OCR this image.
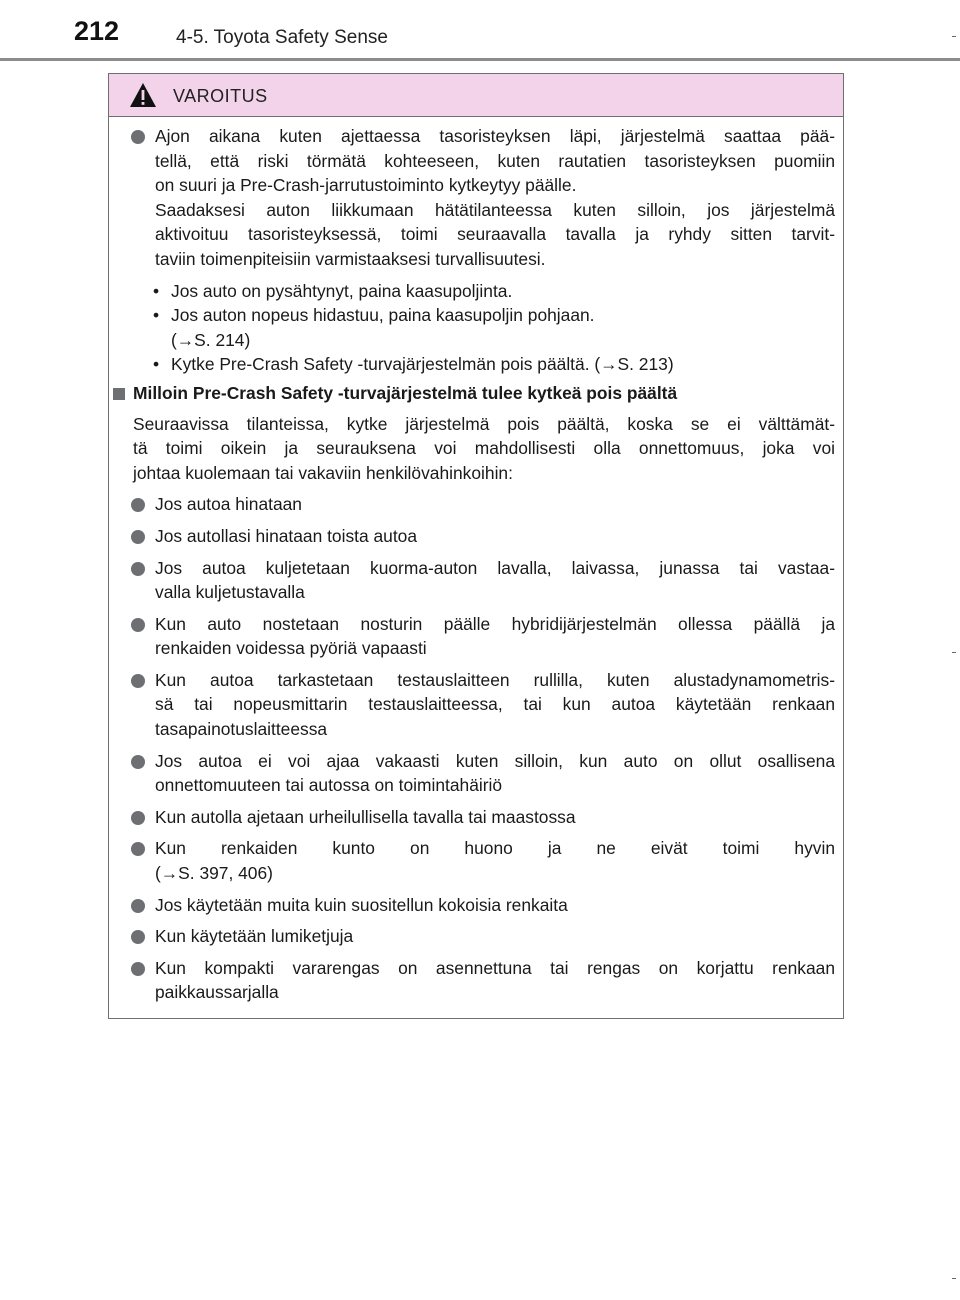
212	4-5. Toyota Safety Sense
VAROITUS
Ajon aikana kuten ajettaessa tasoristeyksen läpi, järjestelmä saattaa pää-
tellä, että riski törmätä kohteeseen, kuten rautatien tasoristeyksen puomiin
on suuri ja Pre-Crash-jarrutustoiminto kytkeytyy päälle.
Saadaksesi auton liikkumaan hätätilanteessa kuten silloin, jos järjestelmä
aktivoituu tasoristeyksessä, toimi seuraavalla tavalla ja ryhdy sitten tarvit-
taviin toimenpiteisiin varmistaaksesi turvallisuutesi.
• Jos auto on pysähtynyt, paina kaasupoljinta.
• Jos auton nopeus hidastuu, paina kaasupoljin pohjaan.
(→S. 214)
• Kytke Pre-Crash Safety -turvajärjestelmän pois päältä. (→S. 213)
Milloin Pre-Crash Safety -turvajärjestelmä tulee kytkeä pois päältä
Seuraavissa tilanteissa, kytke järjestelmä pois päältä, koska se ei välttämät-
tä toimi oikein ja seurauksena voi mahdollisesti olla onnettomuus, joka voi
johtaa kuolemaan tai vakaviin henkilövahinkoihin:
Jos autoa hinataan
Jos autollasi hinataan toista autoa
Jos autoa kuljetetaan kuorma-auton lavalla, laivassa, junassa tai vastaa-
valla kuljetustavalla
Kun auto nostetaan nosturin päälle hybridijärjestelmän ollessa päällä ja
renkaiden voidessa pyöriä vapaasti
Kun autoa tarkastetaan testauslaitteen rullilla, kuten alustadynamometris-
sä tai nopeusmittarin testauslaitteessa, tai kun autoa käytetään renkaan
tasapainotuslaitteessa
Jos autoa ei voi ajaa vakaasti kuten silloin, kun auto on ollut osallisena
onnettomuuteen tai autossa on toimintahäiriö
Kun autolla ajetaan urheilullisella tavalla tai maastossa
Kun renkaiden kunto on huono ja ne eivät toimi hyvin
(→S. 397, 406)
Jos käytetään muita kuin suositellun kokoisia renkaita
Kun käytetään lumiketjuja
Kun kompakti vararengas on asennettuna tai rengas on korjattu renkaan
paikkaussarjalla
